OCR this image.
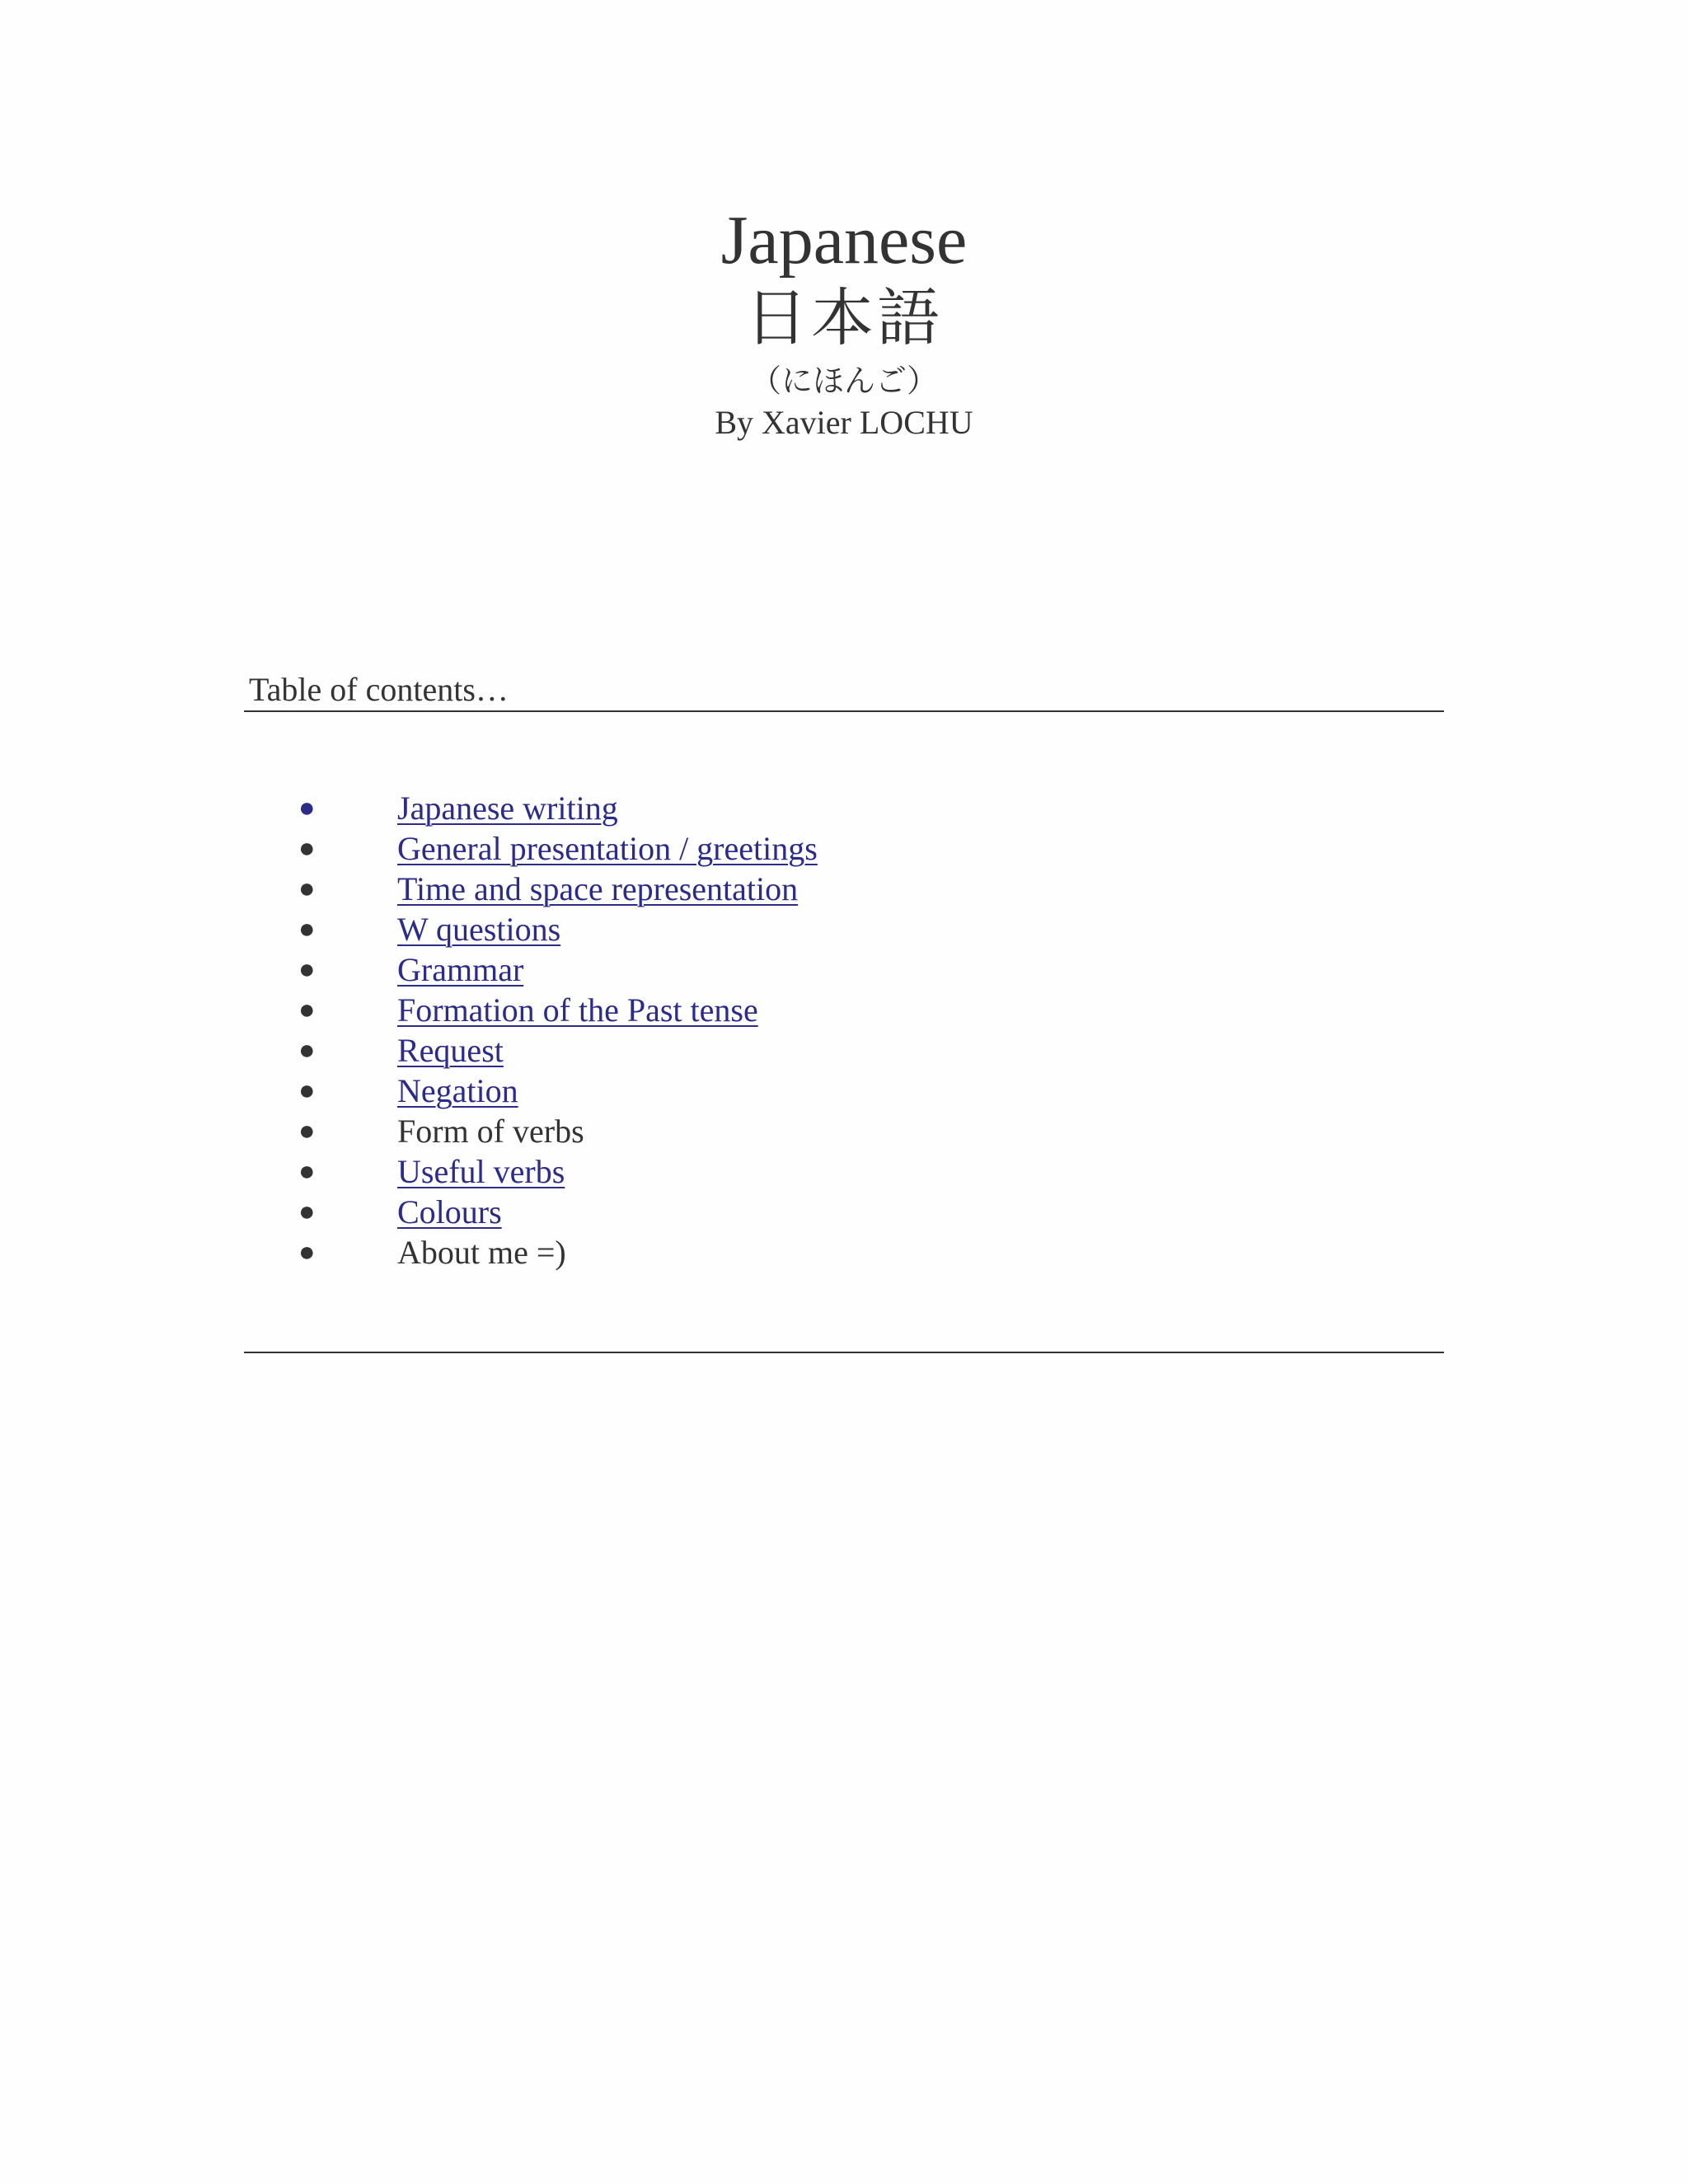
Japanese
日本語
（にほんご）
By Xavier LOCHU
Table of contents…
● Japanese writing
● General presentation / greetings
● Time and space representation
● W questions
● Grammar
● Formation of the Past tense
● Request
● Negation
● Form of verbs
● Useful verbs
● Colours
● About me =)
